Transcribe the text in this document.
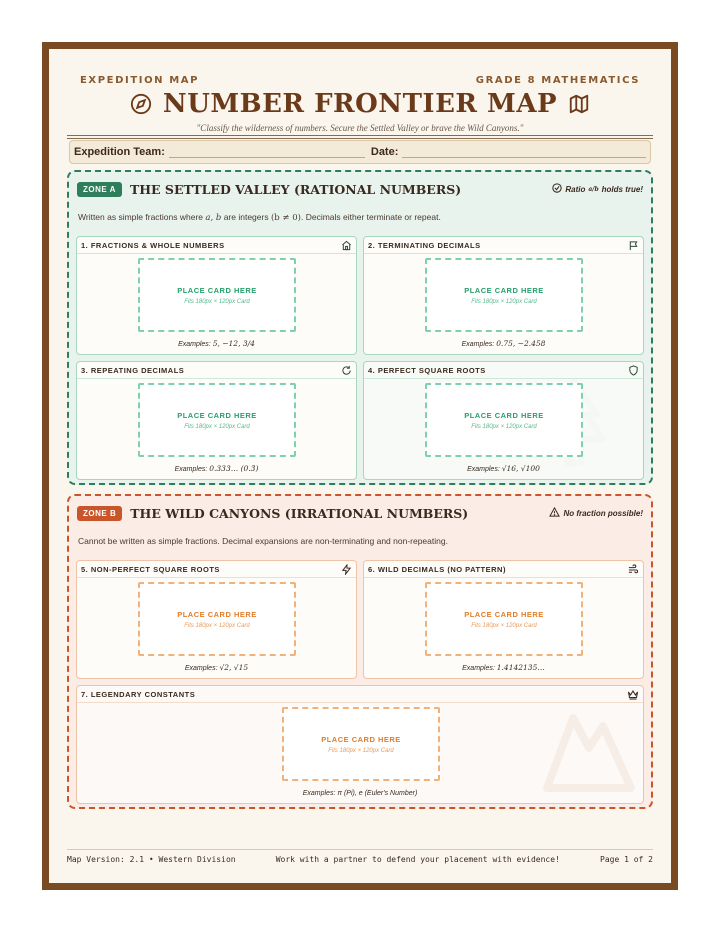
EXPEDITION MAP	GRADE 8 MATHEMATICS
NUMBER FRONTIER MAP
"Classify the wilderness of numbers. Secure the Settled Valley or brave the Wild Canyons."
Expedition Team:	Date:
ZONE A	THE SETTLED VALLEY (RATIONAL NUMBERS)	Ratio a/b holds true!
Written as simple fractions where a, b are integers (b ≠ 0). Decimals either terminate or repeat.
1. FRACTIONS & WHOLE NUMBERS
PLACE CARD HERE
Fits 180px × 120px Card
Examples: 5, −12, 3/4
2. TERMINATING DECIMALS
PLACE CARD HERE
Fits 180px × 120px Card
Examples: 0.75, −2.458
3. REPEATING DECIMALS
PLACE CARD HERE
Fits 180px × 120px Card
Examples: 0.333… (0.3̄)
4. PERFECT SQUARE ROOTS
PLACE CARD HERE
Fits 180px × 120px Card
Examples: √16, √100
ZONE B	THE WILD CANYONS (IRRATIONAL NUMBERS)	No fraction possible!
Cannot be written as simple fractions. Decimal expansions are non-terminating and non-repeating.
5. NON-PERFECT SQUARE ROOTS
PLACE CARD HERE
Fits 180px × 120px Card
Examples: √2, √15
6. WILD DECIMALS (NO PATTERN)
PLACE CARD HERE
Fits 180px × 120px Card
Examples: 1.4142135…
7. LEGENDARY CONSTANTS
PLACE CARD HERE
Fits 180px × 120px Card
Examples: π (Pi), e (Euler's Number)
Map Version: 2.1 • Western Division	Work with a partner to defend your placement with evidence!	Page 1 of 2
